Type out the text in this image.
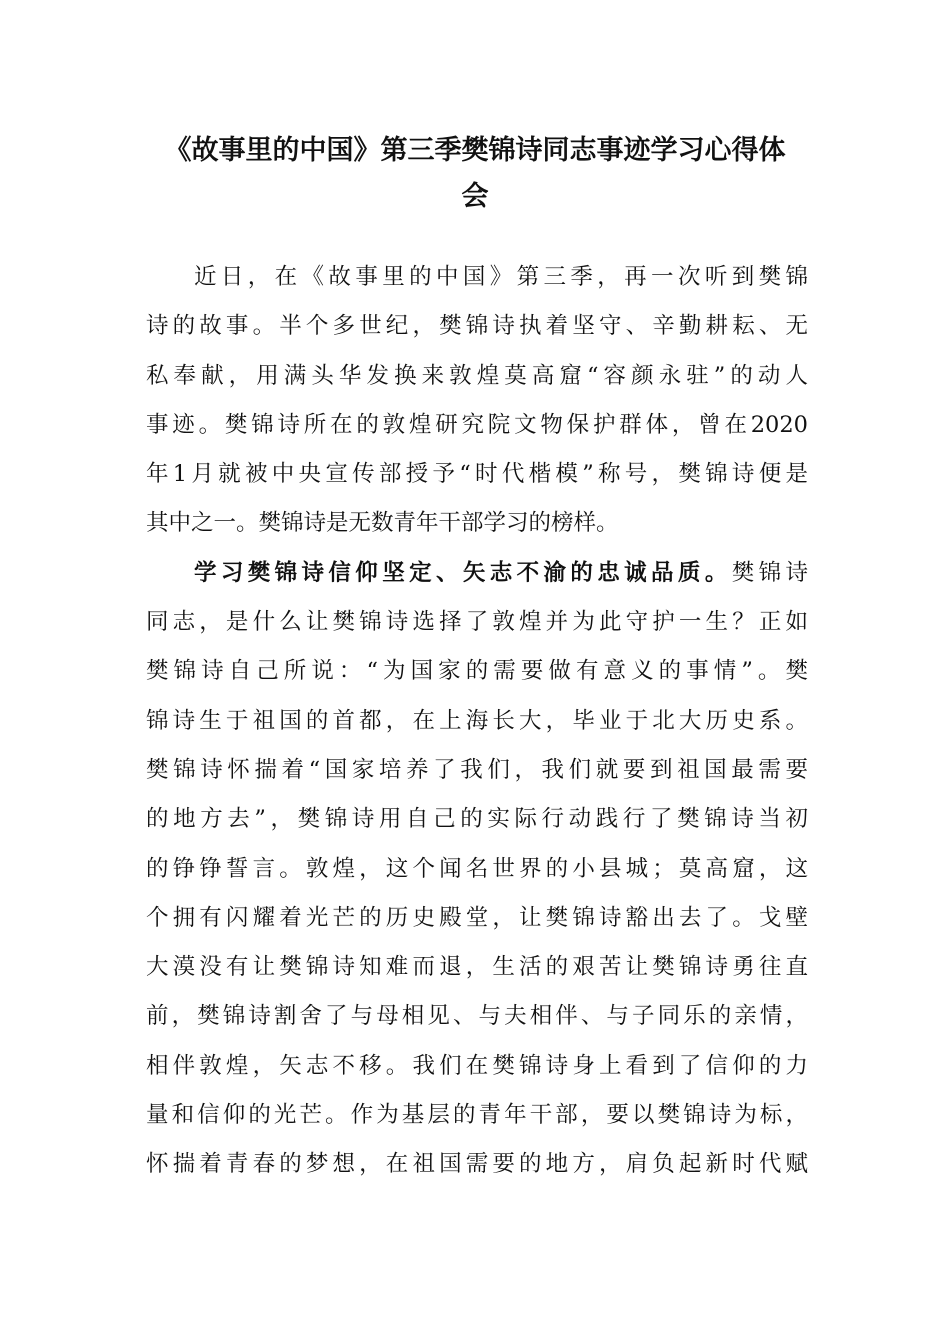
《故事里的中国》第三季樊锦诗同志事迹学习心得体
会
近日，在《故事里的中国》第三季，再一次听到樊锦
诗的故事。半个多世纪，樊锦诗执着坚守、辛勤耕耘、无
私奉献，用满头华发换来敦煌莫高窟“容颜永驻”的动人
事迹。樊锦诗所在的敦煌研究院文物保护群体，曾在2020
年1月就被中央宣传部授予“时代楷模”称号，樊锦诗便是
其中之一。樊锦诗是无数青年干部学习的榜样。
学习樊锦诗信仰坚定、矢志不渝的忠诚品质。樊锦诗
同志，是什么让樊锦诗选择了敦煌并为此守护一生？正如
樊锦诗自己所说：“为国家的需要做有意义的事情”。樊
锦诗生于祖国的首都，在上海长大，毕业于北大历史系。
樊锦诗怀揣着“国家培养了我们，我们就要到祖国最需要
的地方去”，樊锦诗用自己的实际行动践行了樊锦诗当初
的铮铮誓言。敦煌，这个闻名世界的小县城；莫高窟，这
个拥有闪耀着光芒的历史殿堂，让樊锦诗豁出去了。戈壁
大漠没有让樊锦诗知难而退，生活的艰苦让樊锦诗勇往直
前，樊锦诗割舍了与母相见、与夫相伴、与子同乐的亲情，
相伴敦煌，矢志不移。我们在樊锦诗身上看到了信仰的力
量和信仰的光芒。作为基层的青年干部，要以樊锦诗为标，
怀揣着青春的梦想，在祖国需要的地方，肩负起新时代赋
